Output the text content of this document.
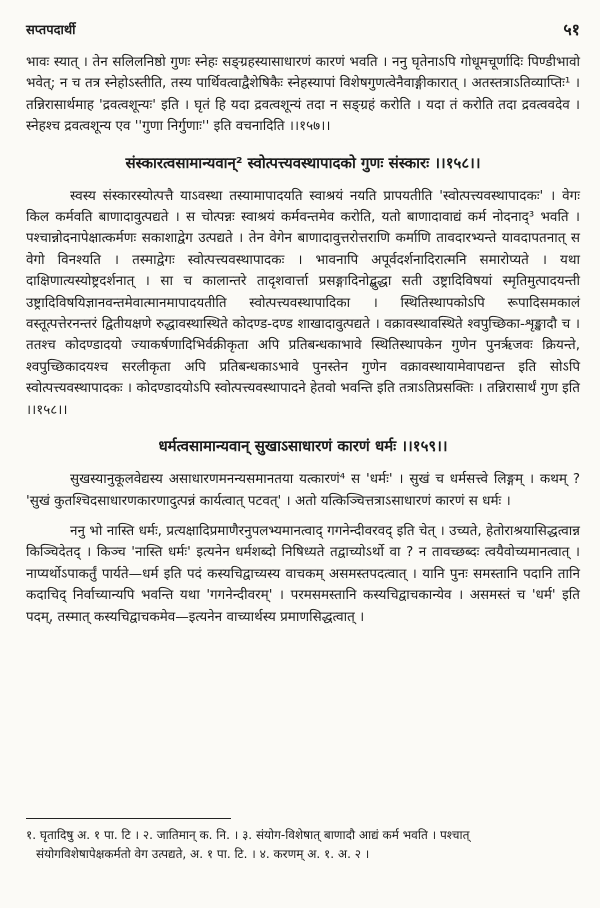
सप्तपदार्थी	५१

भावः स्यात् । तेन सलिलनिष्ठो गुणः स्नेहः सङ्ग्रहस्यासाधारणं कारणं भवति । ननु घृतेनाऽपि गोधूमचूर्णादिः पिण्डीभावो भवेत्; न च तत्र स्नेहोऽस्तीति, तस्य पार्थिवत्वाद्वैशेषिकैः स्नेहस्यापां विशेषगुणत्वेनैवाङ्गीकारात् । अतस्तत्राऽतिव्याप्तिः¹ । तन्निरासार्थमाह 'द्रवत्वशून्यः' इति । घृतं हि यदा द्रवत्वशून्यं तदा न सङ्ग्रहं करोति । यदा तं करोति तदा द्रवत्ववदेव । स्नेहश्च द्रवत्वशून्य एव ''गुणा निर्गुणाः'' इति वचनादिति ।।१५७।।

संस्कारत्वसामान्यवान्² स्वोत्पत्त्यवस्थापादको गुणः संस्कारः ।।१५८।।

स्वस्य संस्कारस्योत्पत्तै याऽवस्था तस्यामापादयति स्वाश्रयं नयति प्रापयतीति 'स्वोत्पत्त्यवस्थापादकः' । वेगः किल कर्मवति बाणादावुत्पद्यते । स चोत्पन्नः स्वाश्रयं कर्मवन्तमेव करोति, यतो बाणादावाद्यं कर्म नोदनाद्³ भवति । पश्चान्नोदनापेक्षात्कर्मणः सकाशाद्वेग उत्पद्यते । तेन वेगेन बाणादावुत्तरोत्तराणि कर्माणि तावदारभ्यन्ते यावदापतनात् स वेगो विनश्यति । तस्माद्वेगः स्वोत्पत्त्यवस्थापादकः । भावनापि अपूर्वदर्शनादिरात्मनि समारोप्यते । यथा दाक्षिणात्यस्योष्ट्रदर्शनात् । सा च कालान्तरे तादृशवार्त्ता प्रसङ्गादिनोद्बुद्धा सती उष्ट्रादिविषयां स्मृतिमुत्पादयन्ती उष्ट्रादिविषयिज्ञानवन्तमेवात्मानमापादयतीति स्वोत्पत्त्यवस्थापादिका । स्थितिस्थापकोऽपि रूपादिसमकालं वस्तूत्पत्तेरनन्तरं द्वितीयक्षणे रुद्धावस्थास्थिते कोदण्ड-दण्ड शाखादावुत्पद्यते । वक्रावस्थावस्थिते श्वपुच्छिका-शृङ्खादौ च । ततश्च कोदण्डादयो ज्याकर्षणादिभिर्वक्रीकृता अपि प्रतिबन्धकाभावे स्थितिस्थापकेन गुणेन पुनर्ऋजवः क्रियन्ते, श्वपुच्छिकादयश्च सरलीकृता अपि प्रतिबन्धकाऽभावे पुनस्तेन गुणेन वक्रावस्थायामेवापद्यन्त इति सोऽपि स्वोत्पत्त्यवस्थापादकः । कोदण्डादयोऽपि स्वोत्पत्त्यवस्थापादने हेतवो भवन्ति इति तत्राऽतिप्रसक्तिः । तन्निरासार्थं गुण इति ।।१५८।।

धर्मत्वसामान्यवान् सुखाऽसाधारणं कारणं धर्मः ।।१५९।।

सुखस्यानुकूलवेद्यस्य असाधारणमनन्यसमानतया यत्कारणं⁴ स 'धर्मः' । सुखं च धर्मसत्त्वे लिङ्गम् । कथम् ? 'सुखं कुतश्चिदसाधारणकारणादुत्पन्नं कार्यत्वात् पटवत्' । अतो यत्किञ्चित्तत्राऽसाधारणं कारणं स धर्मः ।

ननु भो नास्ति धर्मः, प्रत्यक्षादिप्रमाणैरनुपलभ्यमानत्वाद् गगनेन्दीवरवद् इति चेत् । उच्यते, हेतोराश्रयासिद्धत्वान्न किञ्चिदेतद् । किञ्च 'नास्ति धर्मः' इत्यनेन धर्मशब्दो निषिध्यते तद्वाच्योऽर्थो वा ? न तावच्छब्दः त्वयैवोच्यमानत्वात् । नाप्यर्थोऽपाकर्तुं पार्यते—धर्म इति पदं कस्यचिद्वाच्यस्य वाचकम् असमस्तपदत्वात् । यानि पुनः समस्तानि पदानि तानि कदाचिद् निर्वाच्यान्यपि भवन्ति यथा 'गगनेन्दीवरम्' । परमसमस्तानि कस्यचिद्वाचकान्येव । असमस्तं च 'धर्म' इति पदम्, तस्मात् कस्यचिद्वाचकमेव—इत्यनेन वाच्यार्थस्य प्रमाणसिद्धत्वात् ।

१. घृतादिषु अ. १ पा. टि । २. जातिमान् क. नि. । ३. संयोग-विशेषात् बाणादौ आद्यं कर्म भवति । पश्चात्

संयोगविशेषापेक्षकर्मतो वेग उत्पद्यते, अ. १ पा. टि. । ४. करणम् अ. १. अ. २ ।
